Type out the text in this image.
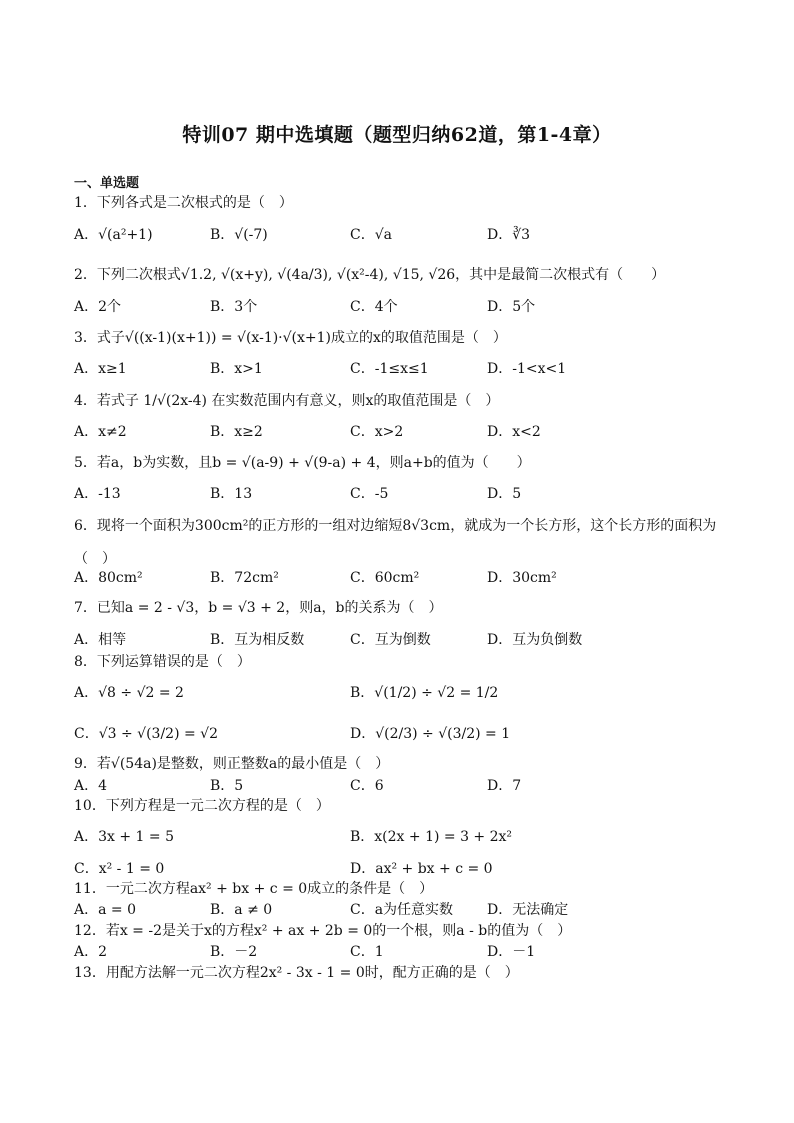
特训07 期中选填题（题型归纳62道，第1-4章）
一、单选题
1．下列各式是二次根式的是（　）
A．√(a²+1)	B．√(-7)	C．√a	D．∛3
2．下列二次根式√1.2, √(x+y), √(4a/3), √(x²-4), √15, √26，其中是最简二次根式有（　　）
A．2个	B．3个	C．4个	D．5个
3．式子√((x-1)(x+1)) = √(x-1)·√(x+1)成立的x的取值范围是（　）
A．x≥1	B．x>1	C．-1≤x≤1	D．-1<x<1
4．若式子 1/√(2x-4) 在实数范围内有意义，则x的取值范围是（　）
A．x≠2	B．x≥2	C．x>2	D．x<2
5．若a，b为实数，且b = √(a-9) + √(9-a) + 4，则a+b的值为（　　）
A．-13	B．13	C．-5	D．5
6．现将一个面积为300cm²的正方形的一组对边缩短8√3cm，就成为一个长方形，这个长方形的面积为
（　）
A．80cm²	B．72cm²	C．60cm²	D．30cm²
7．已知a = 2 - √3，b = √3 + 2，则a，b的关系为（　）
A．相等	B．互为相反数	C．互为倒数	D．互为负倒数
8．下列运算错误的是（　）
A．√8 ÷ √2 = 2	B．√(1/2) ÷ √2 = 1/2
C．√3 ÷ √(3/2) = √2	D．√(2/3) ÷ √(3/2) = 1
9．若√(54a)是整数，则正整数a的最小值是（　）
A．4	B．5	C．6	D．7
10．下列方程是一元二次方程的是（　）
A．3x + 1 = 5	B．x(2x + 1) = 3 + 2x²
C．x² - 1 = 0	D．ax² + bx + c = 0
11．一元二次方程ax² + bx + c = 0成立的条件是（　）
A．a = 0	B．a ≠ 0	C．a为任意实数 D．无法确定
12．若x = -2是关于x的方程x² + ax + 2b = 0的一个根，则a - b的值为（　）
A．2	B．－2	C．1	D．－1
13．用配方法解一元二次方程2x² - 3x - 1 = 0时，配方正确的是（　）
